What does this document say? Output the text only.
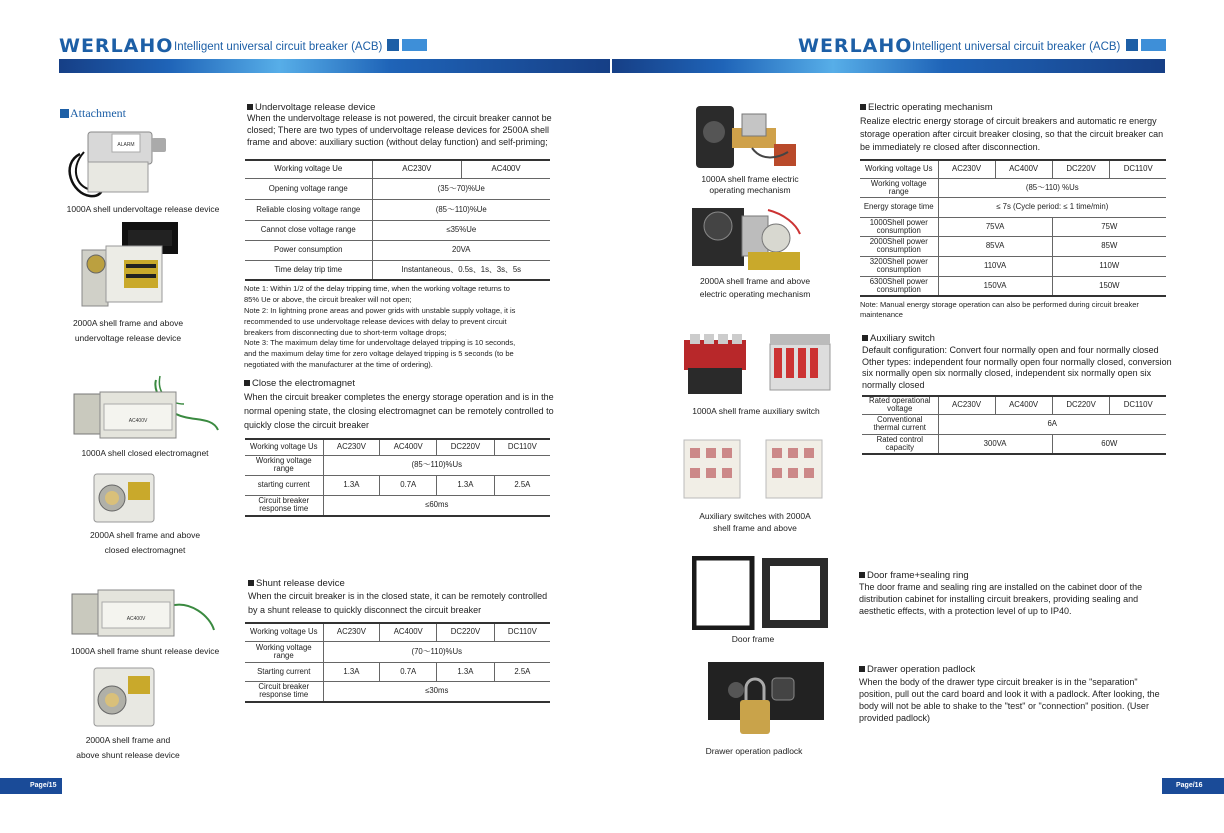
WERLAHO Intelligent universal circuit breaker (ACB)	WERLAHO Intelligent universal circuit breaker (ACB)
Attachment
ALARM
AC400V
AC400V
1000A shell undervoltage release device
2000A shell frame and above
undervoltage release device
1000A shell closed electromagnet
2000A shell frame and above
closed electromagnet
1000A shell frame shunt release device
2000A shell frame and
above shunt release device
Undervoltage release device
When the undervoltage release is not powered, the circuit breaker cannot be closed; There are two types of undervoltage release devices for 2500A shell frame and above: auxiliary suction (without delay function) and self-priming;
Working voltage Ue	AC230V	AC400V
Opening voltage range	(35～70)%Ue	
Reliable closing voltage range	(85～110)%Ue	
Cannot close voltage range	≤35%Ue	
Power consumption	20VA	
Time delay trip time	Instantaneous、0.5s、1s、3s、5s	
Note 1: Within 1/2 of the delay tripping time, when the working voltage returns to
85% Ue or above, the circuit breaker will not open;
Note 2: In lightning prone areas and power grids with unstable supply voltage, it is
recommended to use undervoltage release devices with delay to prevent circuit
breakers from disconnecting due to short-term voltage drops;
Note 3: The maximum delay time for undervoltage delayed tripping is 10 seconds,
and the maximum delay time for zero voltage delayed tripping is 5 seconds (to be
negotiated with the manufacturer at the time of ordering).
Close the electromagnet
When the circuit breaker completes the energy storage operation and is in the normal opening state, the closing electromagnet can be remotely controlled to quickly close the circuit breaker
Working voltage Us	AC230V	AC400V	DC220V	DC110V
Working voltage range	(85～110)%Us			
starting current	1.3A	0.7A	1.3A	2.5A
Circuit breaker response time	≤60ms			
Shunt release device
When the circuit breaker is in the closed state, it can be remotely controlled by a shunt release to quickly disconnect the circuit breaker
Working voltage Us	AC230V	AC400V	DC220V	DC110V
Working voltage range	(70～110)%Us			
Starting current	1.3A	0.7A	1.3A	2.5A
Circuit breaker response time	≤30ms			
1000A shell frame electric
operating mechanism
2000A shell frame and above
electric operating mechanism
1000A shell frame auxiliary switch
Auxiliary switches with 2000A
shell frame and above
Door frame
Drawer operation padlock
Electric operating mechanism
Realize electric energy storage of circuit breakers and automatic re energy storage operation after circuit breaker closing, so that the circuit breaker can be immediately re closed after disconnection.
Working voltage Us	AC230V	AC400V	DC220V	DC110V
Working voltage range	(85～110) %Us			
Energy storage time	≤ 7s (Cycle period: ≤ 1 time/min)			
1000Shell power consumption	75VA		75W	
2000Shell power consumption	85VA		85W	
3200Shell power consumption	110VA		110W	
6300Shell power consumption	150VA		150W	
Note: Manual energy storage operation can also be performed during circuit breaker maintenance
Auxiliary switch
Default configuration: Convert four normally open and four normally closed Other types: independent four normally open four normally closed, conversion six normally open six normally closed, independent six normally open six normally closed
Rated operational voltage	AC230V	AC400V	DC220V	DC110V
Conventional thermal current	6A			
Rated control capacity	300VA		60W	
Door frame+sealing ring
The door frame and sealing ring are installed on the cabinet door of the distribution cabinet for installing circuit breakers, providing sealing and aesthetic effects, with a protection level of up to IP40.
Drawer operation padlock
When the body of the drawer type circuit breaker is in the "separation" position, pull out the card board and look it with a padlock. After looking, the body will not be able to shake to the "test" or "connection" position. (User provided padlock)
Page/15	Page/16
